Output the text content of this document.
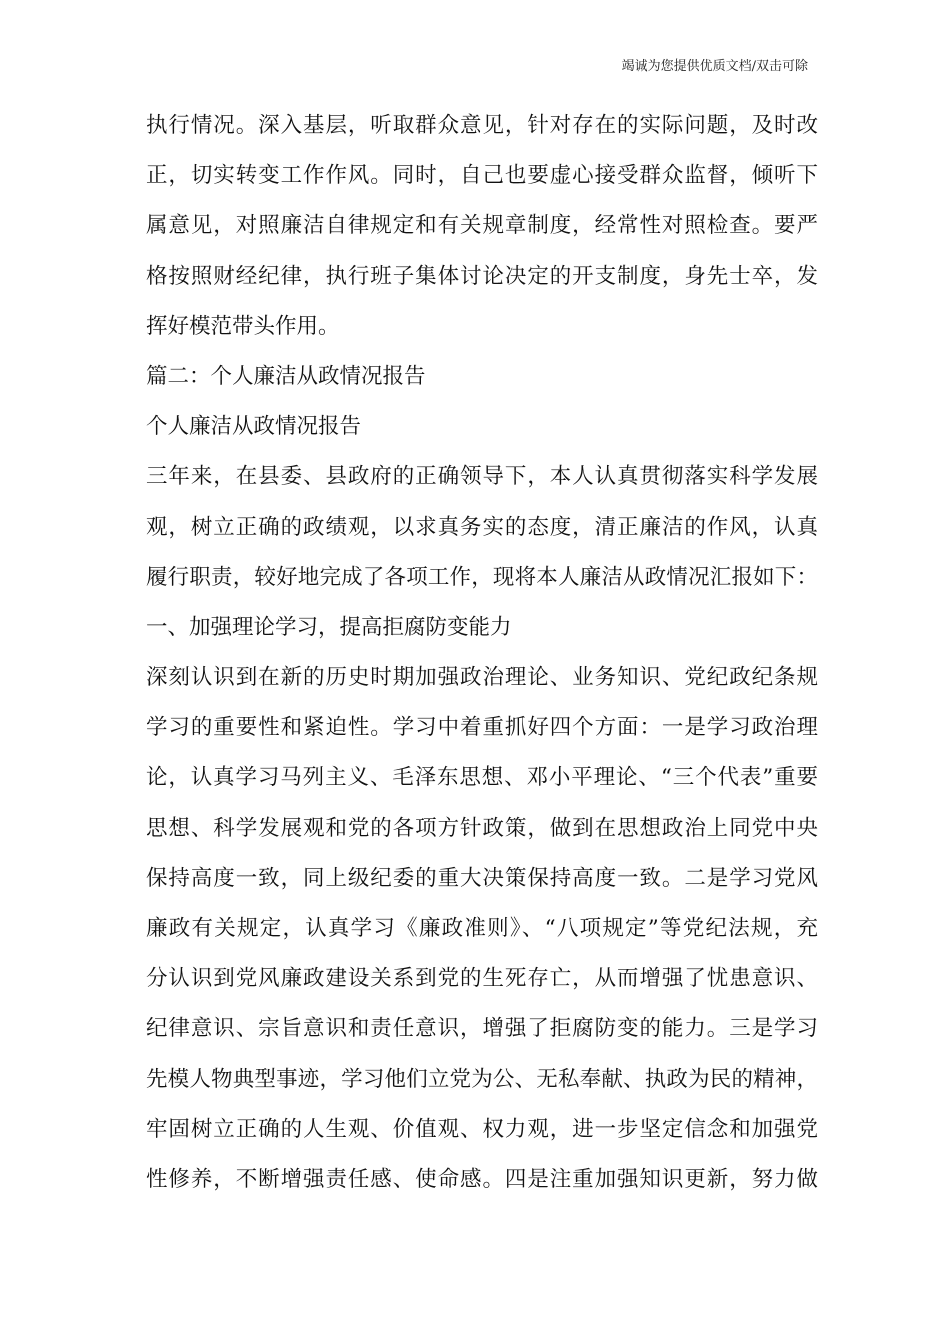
竭诚为您提供优质文档/双击可除
执行情况。深入基层，听取群众意见，针对存在的实际问题，及时改
正，切实转变工作作风。同时，自己也要虚心接受群众监督，倾听下
属意见，对照廉洁自律规定和有关规章制度，经常性对照检查。要严
格按照财经纪律，执行班子集体讨论决定的开支制度，身先士卒，发
挥好模范带头作用。
篇二：个人廉洁从政情况报告
个人廉洁从政情况报告
三年来，在县委、县政府的正确领导下，本人认真贯彻落实科学发展
观，树立正确的政绩观，以求真务实的态度，清正廉洁的作风，认真
履行职责，较好地完成了各项工作，现将本人廉洁从政情况汇报如下：
一、加强理论学习，提高拒腐防变能力
深刻认识到在新的历史时期加强政治理论、业务知识、党纪政纪条规
学习的重要性和紧迫性。学习中着重抓好四个方面：一是学习政治理
论，认真学习马列主义、毛泽东思想、邓小平理论、“三个代表”重要
思想、科学发展观和党的各项方针政策，做到在思想政治上同党中央
保持高度一致，同上级纪委的重大决策保持高度一致。二是学习党风
廉政有关规定，认真学习《廉政准则》、“八项规定”等党纪法规，充
分认识到党风廉政建设关系到党的生死存亡，从而增强了忧患意识、
纪律意识、宗旨意识和责任意识，增强了拒腐防变的能力。三是学习
先模人物典型事迹，学习他们立党为公、无私奉献、执政为民的精神，
牢固树立正确的人生观、价值观、权力观，进一步坚定信念和加强党
性修养，不断增强责任感、使命感。四是注重加强知识更新，努力做
